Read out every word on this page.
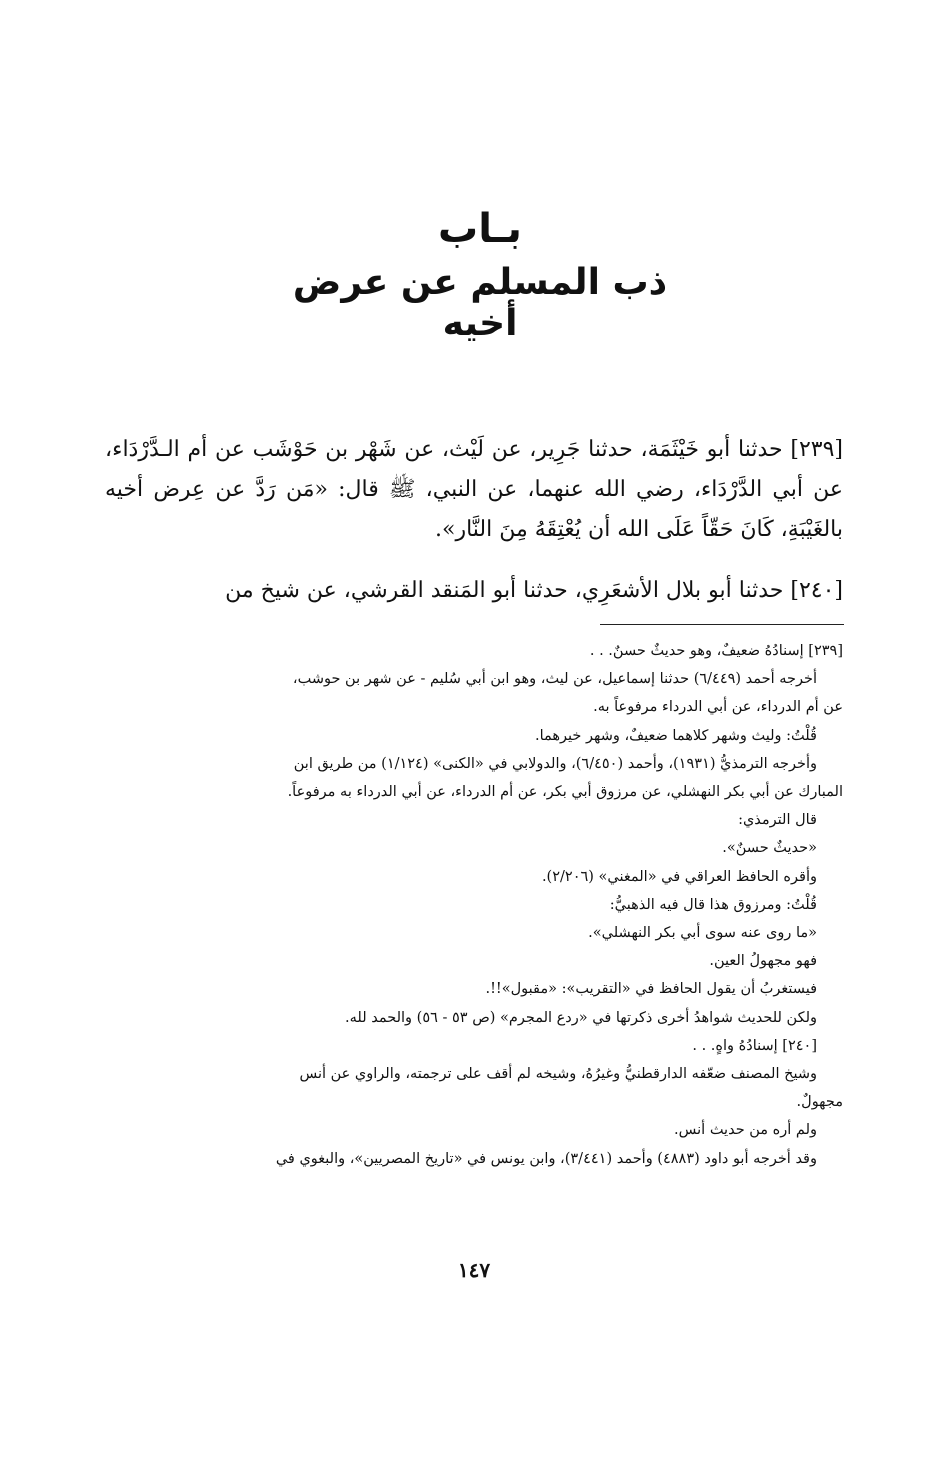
بـاب
ذب المسلم عن عرض أخيه

[٢٣٩] حدثنا أبو خَيْثَمَة، حدثنا جَرِير، عن لَيْث، عن شَهْر بن حَوْشَب عن أم الـدَّرْدَاء، عن أبي الدَّرْدَاء، رضي الله عنهما، عن النبي، ﷺ قال: «مَن رَدَّ عن عِرض أخيه بالغَيْبَةِ، كَانَ حَقّاً عَلَى الله أن يُعْتِقَهُ مِنَ النَّار».

[٢٤٠] حدثنا أبو بلال الأشعَرِي، حدثنا أبو المَنقد القرشي، عن شيخ من

[٢٣٩] إسنادُهُ ضعيفٌ، وهو حديثٌ حسنٌ. . .

أخرجه أحمد (٦/٤٤٩) حدثنا إسماعيل، عن ليث، وهو ابن أبي سُليم - عن شهر بن حوشب،

عن أم الدرداء، عن أبي الدرداء مرفوعاً به.

قُلْتُ: وليث وشهر كلاهما ضعيفٌ، وشهر خيرهما.

وأخرجه الترمذيُّ (١٩٣١)، وأحمد (٦/٤٥٠)، والدولابي في «الكنى» (١/١٢٤) من طريق ابن

المبارك عن أبي بكر النهشلي، عن مرزوق أبي بكر، عن أم الدرداء، عن أبي الدرداء به مرفوعاً.

قال الترمذي:

«حديثٌ حسنٌ».

وأقره الحافظ العراقي في «المغني» (٢/٢٠٦).

قُلْتُ: ومرزوق هذا قال فيه الذهبيُّ:

«ما روى عنه سوى أبي بكر النهشلي».

فهو مجهولُ العين.

فيستغربُ أن يقول الحافظ في «التقريب»: «مقبول»!!.

ولكن للحديث شواهدُ أخرى ذكرتها في «ردع المجرم» (ص ٥٣ - ٥٦) والحمد لله.

[٢٤٠] إسنادُهُ واهٍ. . .

وشيخ المصنف ضعّفه الدارقطنيُّ وغيرُهُ، وشيخه لم أقف على ترجمته، والراوي عن أنس

مجهولٌ.

ولم أره من حديث أنس.

وقد أخرجه أبو داود (٤٨٨٣) وأحمد (٣/٤٤١)، وابن يونس في «تاريخ المصريين»، والبغوي في

١٤٧
